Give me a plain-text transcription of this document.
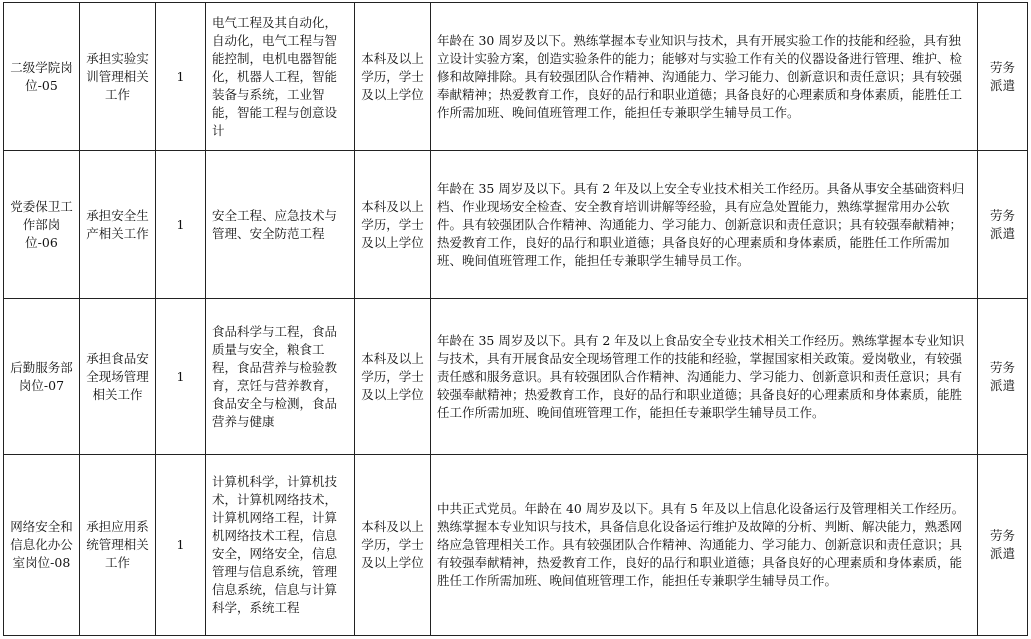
二级学院岗位-05	承担实验实训管理相关工作	1	电气工程及其自动化，自动化，电气工程与智能控制，电机电器智能化，机器人工程，智能装备与系统，工业智能，智能工程与创意设计	本科及以上学历，学士及以上学位	年龄在 30 周岁及以下。熟练掌握本专业知识与技术，具有开展实验工作的技能和经验，具有独立设计实验方案，创造实验条件的能力；能够对与实验工作有关的仪器设备进行管理、维护、检修和故障排除。具有较强团队合作精神、沟通能力、学习能力、创新意识和责任意识；具有较强奉献精神；热爱教育工作，良好的品行和职业道德；具备良好的心理素质和身体素质，能胜任工作所需加班、晚间值班管理工作，能担任专兼职学生辅导员工作。	劳务派遣
党委保卫工作部岗位-06	承担安全生产相关工作	1	安全工程、应急技术与管理、安全防范工程	本科及以上学历，学士及以上学位	年龄在 35 周岁及以下。具有 2 年及以上安全专业技术相关工作经历。具备从事安全基础资料归档、作业现场安全检查、安全教育培训讲解等经验，具有应急处置能力，熟练掌握常用办公软件。具有较强团队合作精神、沟通能力、学习能力、创新意识和责任意识；具有较强奉献精神；热爱教育工作，良好的品行和职业道德；具备良好的心理素质和身体素质，能胜任工作所需加班、晚间值班管理工作，能担任专兼职学生辅导员工作。	劳务派遣
后勤服务部岗位-07	承担食品安全现场管理相关工作	1	食品科学与工程，食品质量与安全，粮食工程，食品营养与检验教育，烹饪与营养教育，食品安全与检测，食品营养与健康	本科及以上学历，学士及以上学位	年龄在 35 周岁及以下。具有 2 年及以上食品安全专业技术相关工作经历。熟练掌握本专业知识与技术，具有开展食品安全现场管理工作的技能和经验，掌握国家相关政策。爱岗敬业，有较强责任感和服务意识。具有较强团队合作精神、沟通能力、学习能力、创新意识和责任意识；具有较强奉献精神；热爱教育工作，良好的品行和职业道德；具备良好的心理素质和身体素质，能胜任工作所需加班、晚间值班管理工作，能担任专兼职学生辅导员工作。	劳务派遣
网络安全和信息化办公室岗位-08	承担应用系统管理相关工作	1	计算机科学，计算机技术，计算机网络技术，计算机网络工程，计算机网络技术工程，信息安全，网络安全，信息管理与信息系统，管理信息系统，信息与计算科学，系统工程	本科及以上学历，学士及以上学位	中共正式党员。年龄在 40 周岁及以下。具有 5 年及以上信息化设备运行及管理相关工作经历。熟练掌握本专业知识与技术，具备信息化设备运行维护及故障的分析、判断、解决能力，熟悉网络应急管理相关工作。具有较强团队合作精神、沟通能力、学习能力、创新意识和责任意识；具有较强奉献精神，热爱教育工作，良好的品行和职业道德；具备良好的心理素质和身体素质，能胜任工作所需加班、晚间值班管理工作，能担任专兼职学生辅导员工作。	劳务派遣
